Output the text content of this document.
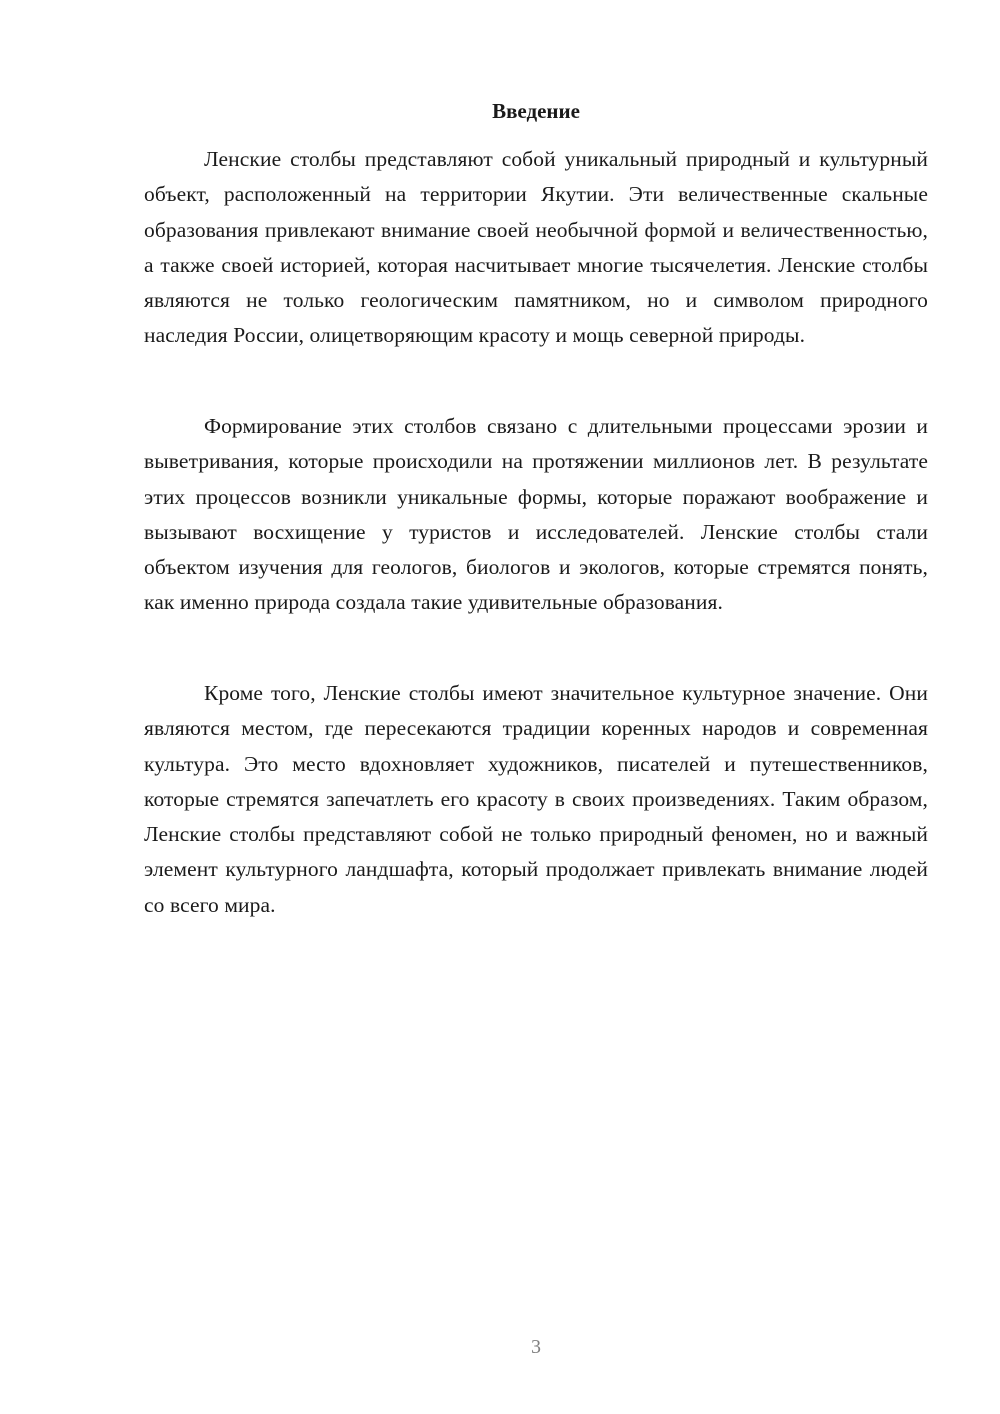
Введение

Ленские столбы представляют собой уникальный природный и культурный объект, расположенный на территории Якутии. Эти величественные скальные образования привлекают внимание своей необычной формой и величественностью, а также своей историей, которая насчитывает многие тысячелетия. Ленские столбы являются не только геологическим памятником, но и символом природного наследия России, олицетворяющим красоту и мощь северной природы.

Формирование этих столбов связано с длительными процессами эрозии и выветривания, которые происходили на протяжении миллионов лет. В результате этих процессов возникли уникальные формы, которые поражают воображение и вызывают восхищение у туристов и исследователей. Ленские столбы стали объектом изучения для геологов, биологов и экологов, которые стремятся понять, как именно природа создала такие удивительные образования.

Кроме того, Ленские столбы имеют значительное культурное значение. Они являются местом, где пересекаются традиции коренных народов и современная культура. Это место вдохновляет художников, писателей и путешественников, которые стремятся запечатлеть его красоту в своих произведениях. Таким образом, Ленские столбы представляют собой не только природный феномен, но и важный элемент культурного ландшафта, который продолжает привлекать внимание людей со всего мира.

3
